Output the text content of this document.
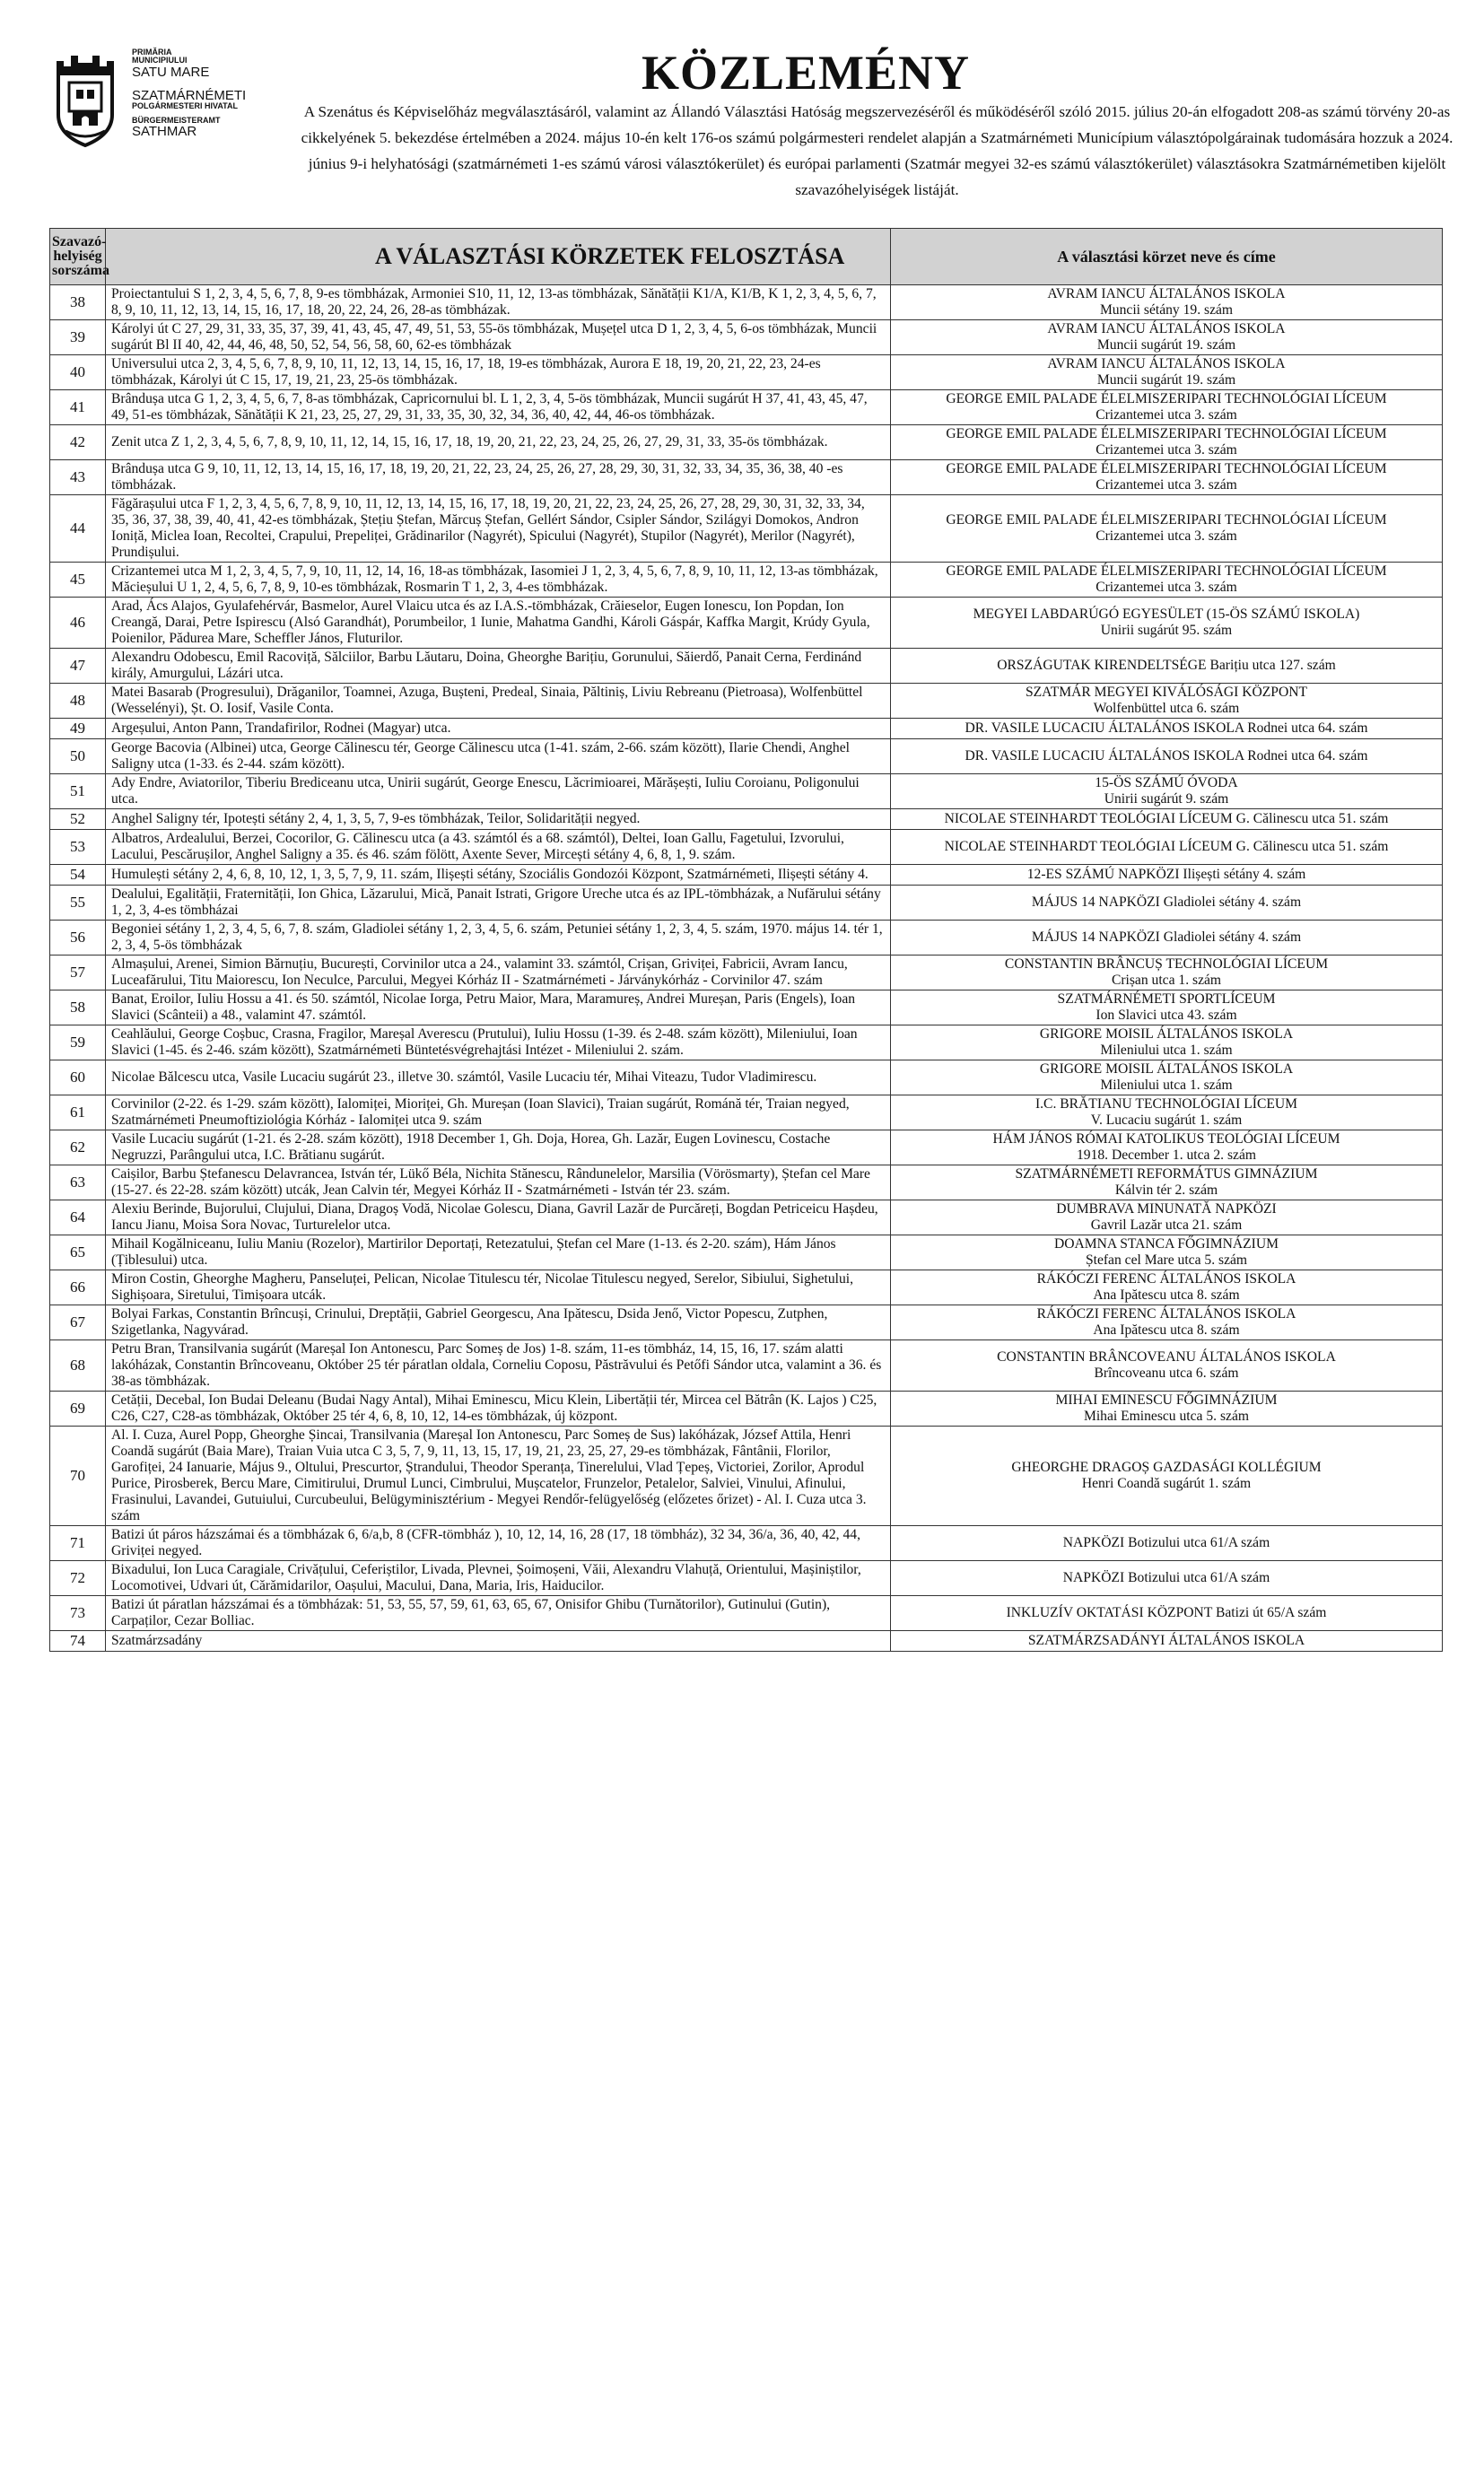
PRIMĂRIA
MUNICIPIULUI
SATU MARE
SZATMÁRNÉMETI
POLGÁRMESTERI HIVATAL
BÜRGERMEISTERAMT
SATHMAR
KÖZLEMÉNY
A Szenátus és Képviselőház megválasztásáról, valamint az Állandó Választási Hatóság megszervezéséről és működéséről szóló 2015. július 20-án elfogadott 208-as számú törvény 20-as cikkelyének 5. bekezdése értelmében a 2024. május 10-én kelt 176-os számú polgármesteri rendelet alapján a Szatmárnémeti Municípium választópolgárainak tudomására hozzuk a 2024. június 9-i helyhatósági (szatmárnémeti 1-es számú városi választókerület) és európai parlamenti (Szatmár megyei 32-es számú választókerület) választásokra Szatmárnémetiben kijelölt szavazóhelyiségek listáját.
Szavazó-helyiség sorszáma	A VÁLASZTÁSI KÖRZETEK FELOSZTÁSA	A választási körzet neve és címe
38	Proiectantului S 1, 2, 3, 4, 5, 6, 7, 8, 9-es tömbházak, Armoniei S10, 11, 12, 13-as tömbházak, Sănătății K1/A, K1/B, K 1, 2, 3, 4, 5, 6, 7, 8, 9, 10, 11, 12, 13, 14, 15, 16, 17, 18, 20, 22, 24, 26, 28-as tömbházak.	AVRAM IANCU ÁLTALÁNOS ISKOLA
Muncii sétány 19. szám

39	Károlyi út C 27, 29, 31, 33, 35, 37, 39, 41, 43, 45, 47, 49, 51, 53, 55-ös tömbházak, Mușețel utca D 1, 2, 3, 4, 5, 6-os tömbházak, Muncii sugárút Bl II 40, 42, 44, 46, 48, 50, 52, 54, 56, 58, 60, 62-es tömbházak	AVRAM IANCU ÁLTALÁNOS ISKOLA
Muncii sugárút 19. szám

40	Universului utca 2, 3, 4, 5, 6, 7, 8, 9, 10, 11, 12, 13, 14, 15, 16, 17, 18, 19-es tömbházak, Aurora E 18, 19, 20, 21, 22, 23, 24-es tömbházak, Károlyi út C 15, 17, 19, 21, 23, 25-ös tömbházak.	AVRAM IANCU ÁLTALÁNOS ISKOLA
Muncii sugárút 19. szám

41	Brândușa utca G 1, 2, 3, 4, 5, 6, 7, 8-as tömbházak, Capricornului bl. L 1, 2, 3, 4, 5-ös tömbházak, Muncii sugárút H 37, 41, 43, 45, 47, 49, 51-es tömbházak, Sănătății K 21, 23, 25, 27, 29, 31, 33, 35, 30, 32, 34, 36, 40, 42, 44, 46-os tömbházak.	GEORGE EMIL PALADE ÉLELMISZERIPARI TECHNOLÓGIAI LÍCEUM
Crizantemei utca 3. szám

42	Zenit utca Z 1, 2, 3, 4, 5, 6, 7, 8, 9, 10, 11, 12, 14, 15, 16, 17, 18, 19, 20, 21, 22, 23, 24, 25, 26, 27, 29, 31, 33, 35-ös tömbházak.	GEORGE EMIL PALADE ÉLELMISZERIPARI TECHNOLÓGIAI LÍCEUM
Crizantemei utca 3. szám

43	Brândușa utca G 9, 10, 11, 12, 13, 14, 15, 16, 17, 18, 19, 20, 21, 22, 23, 24, 25, 26, 27, 28, 29, 30, 31, 32, 33, 34, 35, 36, 38, 40 -es tömbházak.	GEORGE EMIL PALADE ÉLELMISZERIPARI TECHNOLÓGIAI LÍCEUM
Crizantemei utca 3. szám

44	Făgărașului utca F 1, 2, 3, 4, 5, 6, 7, 8, 9, 10, 11, 12, 13, 14, 15, 16, 17, 18, 19, 20, 21, 22, 23, 24, 25, 26, 27, 28, 29, 30, 31, 32, 33, 34, 35, 36, 37, 38, 39, 40, 41, 42-es tömbházak, Ștețiu Ștefan, Mărcuș Ștefan, Gellért Sándor, Csipler Sándor, Szilágyi Domokos, Andron Ioniță, Miclea Ioan, Recoltei, Crapului, Prepeliței, Grădinarilor (Nagyrét), Spicului (Nagyrét), Stupilor (Nagyrét), Merilor (Nagyrét), Prundișului.	GEORGE EMIL PALADE ÉLELMISZERIPARI TECHNOLÓGIAI LÍCEUM
Crizantemei utca 3. szám

45	Crizantemei utca M 1, 2, 3, 4, 5, 7, 9, 10, 11, 12, 14, 16, 18-as tömbházak, Iasomiei J 1, 2, 3, 4, 5, 6, 7, 8, 9, 10, 11, 12, 13-as tömbházak, Măcieșului U 1, 2, 4, 5, 6, 7, 8, 9, 10-es tömbházak, Rosmarin T 1, 2, 3, 4-es tömbházak.	GEORGE EMIL PALADE ÉLELMISZERIPARI TECHNOLÓGIAI LÍCEUM
Crizantemei utca 3. szám

46	Arad, Ács Alajos, Gyulafehérvár, Basmelor, Aurel Vlaicu utca és az I.A.S.-tömbházak, Crăieselor, Eugen Ionescu, Ion Popdan, Ion Creangă, Darai, Petre Ispirescu (Alsó Garandhát), Porumbeilor, 1 Iunie, Mahatma Gandhi, Károli Gáspár, Kaffka Margit, Krúdy Gyula, Poienilor, Pădurea Mare, Scheffler János, Fluturilor.	MEGYEI LABDARÚGÓ EGYESÜLET (15-ÖS SZÁMÚ ISKOLA)
Unirii sugárút 95. szám

47	Alexandru Odobescu, Emil Racoviță, Sălciilor, Barbu Lăutaru, Doina, Gheorghe Barițiu, Gorunului, Săierdő, Panait Cerna, Ferdinánd király, Amurgului, Lázári utca.	ORSZÁGUTAK KIRENDELTSÉGE Barițiu utca 127. szám

48	Matei Basarab (Progresului), Drăganilor, Toamnei, Azuga, Bușteni, Predeal, Sinaia, Păltiniș, Liviu Rebreanu (Pietroasa), Wolfenbüttel (Wesselényi), Șt. O. Iosif, Vasile Conta.	SZATMÁR MEGYEI KIVÁLÓSÁGI KÖZPONT
Wolfenbüttel utca 6. szám

49	Argeșului, Anton Pann, Trandafirilor, Rodnei (Magyar) utca.	DR. VASILE LUCACIU ÁLTALÁNOS ISKOLA Rodnei utca 64. szám

50	George Bacovia (Albinei) utca, George Călinescu tér, George Călinescu utca (1-41. szám, 2-66. szám között), Ilarie Chendi, Anghel Saligny utca (1-33. és 2-44. szám között).	DR. VASILE LUCACIU ÁLTALÁNOS ISKOLA Rodnei utca 64. szám

51	Ady Endre, Aviatorilor, Tiberiu Brediceanu utca, Unirii sugárút, George Enescu, Lăcrimioarei, Mărășești, Iuliu Coroianu, Poligonului utca.	15-ÖS SZÁMÚ ÓVODA
Unirii sugárút 9. szám

52	Anghel Saligny tér, Ipotești sétány 2, 4, 1, 3, 5, 7, 9-es tömbházak, Teilor, Solidarității negyed.	NICOLAE STEINHARDT TEOLÓGIAI LÍCEUM G. Călinescu utca 51. szám

53	Albatros, Ardealului, Berzei, Cocorilor, G. Călinescu utca (a 43. számtól és a 68. számtól), Deltei, Ioan Gallu, Fagetului, Izvorului, Lacului, Pescărușilor, Anghel Saligny a 35. és 46. szám fölött, Axente Sever, Mircești sétány 4, 6, 8, 1, 9. szám.	NICOLAE STEINHARDT TEOLÓGIAI LÍCEUM G. Călinescu utca 51. szám

54	Humulești sétány 2, 4, 6, 8, 10, 12, 1, 3, 5, 7, 9, 11. szám, Ilișești sétány, Szociális Gondozói Központ, Szatmárnémeti, Ilișești sétány 4.	12-ES SZÁMÚ NAPKÖZI Ilișești sétány 4. szám

55	Dealului, Egalității, Fraternității, Ion Ghica, Lăzarului, Mică, Panait Istrati, Grigore Ureche utca és az IPL-tömbházak, a Nufărului sétány 1, 2, 3, 4-es tömbházai	MÁJUS 14 NAPKÖZI Gladiolei sétány 4. szám

56	Begoniei sétány 1, 2, 3, 4, 5, 6, 7, 8. szám, Gladiolei sétány 1, 2, 3, 4, 5, 6. szám, Petuniei sétány 1, 2, 3, 4, 5. szám, 1970. május 14. tér 1, 2, 3, 4, 5-ös tömbházak	MÁJUS 14 NAPKÖZI Gladiolei sétány 4. szám

57	Almașului, Arenei, Simion Bărnuțiu, București, Corvinilor utca a 24., valamint 33. számtól, Crișan, Griviței, Fabricii, Avram Iancu, Luceafărului, Titu Maiorescu, Ion Neculce, Parcului, Megyei Kórház II - Szatmárnémeti - Járványkórház - Corvinilor 47. szám	CONSTANTIN BRÂNCUȘ TECHNOLÓGIAI LÍCEUM
Crișan utca 1. szám

58	Banat, Eroilor, Iuliu Hossu a 41. és 50. számtól, Nicolae Iorga, Petru Maior, Mara, Maramureș, Andrei Mureșan, Paris (Engels), Ioan Slavici (Scânteii) a 48., valamint 47. számtól.	SZATMÁRNÉMETI SPORTLÍCEUM
Ion Slavici utca 43. szám

59	Ceahlăului, George Coșbuc, Crasna, Fragilor, Mareșal Averescu (Prutului), Iuliu Hossu (1-39. és 2-48. szám között), Mileniului, Ioan Slavici (1-45. és 2-46. szám között), Szatmárnémeti Büntetésvégrehajtási Intézet - Mileniului 2. szám.	GRIGORE MOISIL ÁLTALÁNOS ISKOLA
Mileniului utca 1. szám

60	Nicolae Bălcescu utca, Vasile Lucaciu sugárút 23., illetve 30. számtól, Vasile Lucaciu tér, Mihai Viteazu, Tudor Vladimirescu.	GRIGORE MOISIL ÁLTALÁNOS ISKOLA
Mileniului utca 1. szám

61	Corvinilor (2-22. és 1-29. szám között), Ialomiței, Mioriței, Gh. Mureșan (Ioan Slavici), Traian sugárút, Románă tér, Traian negyed, Szatmárnémeti Pneumoftiziológia Kórház - Ialomiței utca 9. szám	I.C. BRĂTIANU TECHNOLÓGIAI LÍCEUM
V. Lucaciu sugárút 1. szám

62	Vasile Lucaciu sugárút (1-21. és 2-28. szám között), 1918 December 1, Gh. Doja, Horea, Gh. Lazăr, Eugen Lovinescu, Costache Negruzzi, Parângului utca, I.C. Brătianu sugárút.	HÁM JÁNOS RÓMAI KATOLIKUS TEOLÓGIAI LÍCEUM
1918. December 1. utca 2. szám

63	Caișilor, Barbu Ștefanescu Delavrancea, István tér, Lükő Béla, Nichita Stănescu, Rândunelelor, Marsilia (Vörösmarty), Ștefan cel Mare (15-27. és 22-28. szám között) utcák, Jean Calvin tér, Megyei Kórház II - Szatmárnémeti - István tér 23. szám.	SZATMÁRNÉMETI REFORMÁTUS GIMNÁZIUM
Kálvin tér 2. szám

64	Alexiu Berinde, Bujorului, Clujului, Diana, Dragoș Vodă, Nicolae Golescu, Diana, Gavril Lazăr de Purcăreți, Bogdan Petriceicu Hașdeu, Iancu Jianu, Moisa Sora Novac, Turturelelor utca.	DUMBRAVA MINUNATĂ NAPKÖZI
Gavril Lazăr utca 21. szám

65	Mihail Kogălniceanu, Iuliu Maniu (Rozelor), Martirilor Deportați, Retezatului, Ștefan cel Mare (1-13. és 2-20. szám), Hám János (Țiblesului) utca.	DOAMNA STANCA FŐGIMNÁZIUM
Ștefan cel Mare utca 5. szám

66	Miron Costin, Gheorghe Magheru, Panseluței, Pelican, Nicolae Titulescu tér, Nicolae Titulescu negyed, Serelor, Sibiului, Sighetului, Sighișoara, Siretului, Timișoara utcák.	RÁKÓCZI FERENC ÁLTALÁNOS ISKOLA
Ana Ipătescu utca 8. szám

67	Bolyai Farkas, Constantin Brîncuși, Crinului, Dreptății, Gabriel Georgescu, Ana Ipătescu, Dsida Jenő, Victor Popescu, Zutphen, Szigetlanka, Nagyvárad.	RÁKÓCZI FERENC ÁLTALÁNOS ISKOLA
Ana Ipătescu utca 8. szám

68	Petru Bran, Transilvania sugárút (Mareșal Ion Antonescu, Parc Someș de Jos) 1-8. szám, 11-es tömbház, 14, 15, 16, 17. szám alatti lakóházak, Constantin Brîncoveanu, Október 25 tér páratlan oldala, Corneliu Coposu, Păstrăvului és Petőfi Sándor utca, valamint a 36. és 38-as tömbházak.	CONSTANTIN BRÂNCOVEANU ÁLTALÁNOS ISKOLA
Brîncoveanu utca 6. szám

69	Cetății, Decebal, Ion Budai Deleanu (Budai Nagy Antal), Mihai Eminescu, Micu Klein, Libertății tér, Mircea cel Bătrân (K. Lajos ) C25, C26, C27, C28-as tömbházak, Október 25 tér 4, 6, 8, 10, 12, 14-es tömbházak, új központ.	MIHAI EMINESCU FŐGIMNÁZIUM
Mihai Eminescu utca 5. szám

70	Al. I. Cuza, Aurel Popp, Gheorghe Șincai, Transilvania (Mareșal Ion Antonescu, Parc Someș de Sus) lakóházak, József Attila, Henri Coandă sugárút (Baia Mare), Traian Vuia utca C 3, 5, 7, 9, 11, 13, 15, 17, 19, 21, 23, 25, 27, 29-es tömbházak, Fântânii, Florilor, Garofiței, 24 Ianuarie, Május 9., Oltului, Prescurtor, Ștrandului, Theodor Speranța, Tinerelului, Vlad Țepeș, Victoriei, Zorilor, Aprodul Purice, Pirosberek, Bercu Mare, Cimitirului, Drumul Lunci, Cimbrului, Mușcatelor, Frunzelor, Petalelor, Salviei, Vinului, Afinului, Frasinului, Lavandei, Gutuiului, Curcubeului, Belügyminisztérium - Megyei Rendőr-felügyelőség (előzetes őrizet) - Al. I. Cuza utca 3. szám	GHEORGHE DRAGOȘ GAZDASÁGI KOLLÉGIUM
Henri Coandă sugárút 1. szám

71	Batizi út páros házszámai és a tömbházak 6, 6/a,b, 8 (CFR-tömbház ), 10, 12, 14, 16, 28 (17, 18 tömbház), 32 34, 36/a, 36, 40, 42, 44, Griviței negyed.	NAPKÖZI Botizului utca 61/A szám

72	Bixadului, Ion Luca Caragiale, Crivățului, Ceferiștilor, Livada, Plevnei, Șoimoșeni, Văii, Alexandru Vlahuță, Orientului, Mașiniștilor, Locomotivei, Udvari út, Cărămidarilor, Oașului, Macului, Dana, Maria, Iris, Haiducilor.	NAPKÖZI Botizului utca 61/A szám

73	Batizi út páratlan házszámai és a tömbházak: 51, 53, 55, 57, 59, 61, 63, 65, 67, Onisifor Ghibu (Turnătorilor), Gutinului (Gutin), Carpaților, Cezar Bolliac.	INKLUZÍV OKTATÁSI KÖZPONT Batizi út 65/A szám

74	Szatmárzsadány	SZATMÁRZSADÁNYI ÁLTALÁNOS ISKOLA
